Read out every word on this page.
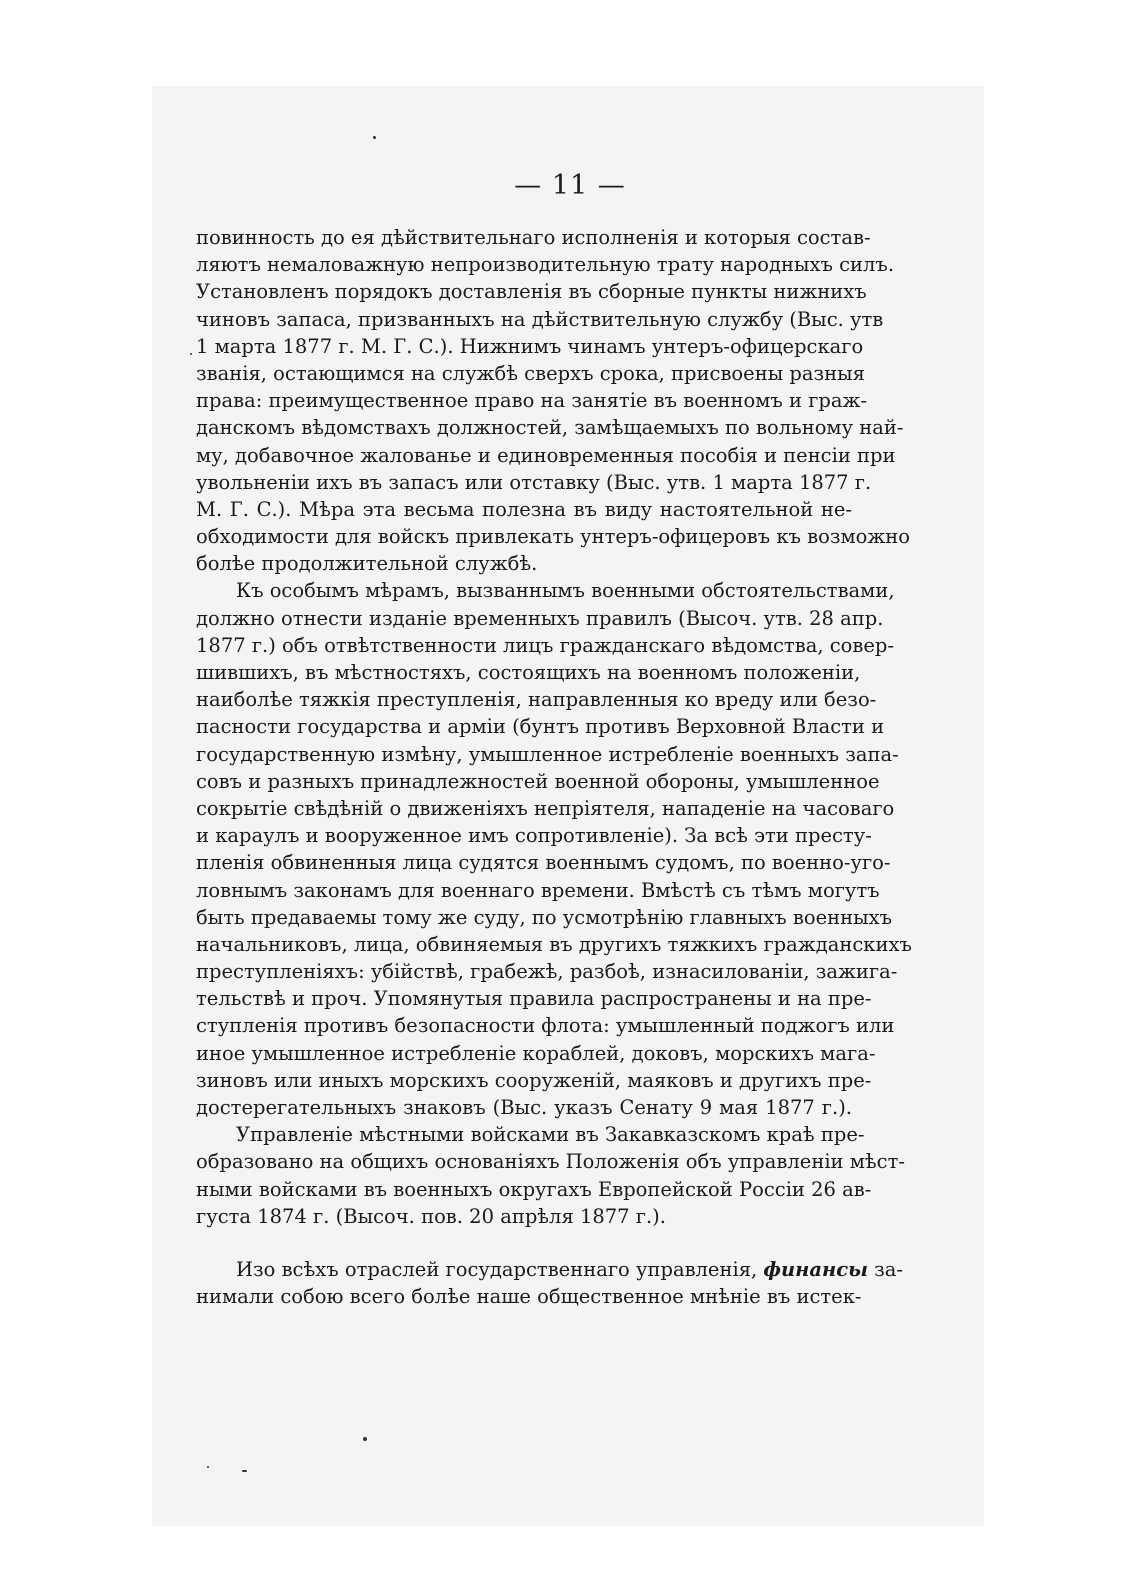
— 11 —
повинность до ея дѣйствительнаго исполненія и которыя состав-
ляютъ немаловажную непроизводительную трату народныхъ силъ.
Установленъ порядокъ доставленія въ сборные пункты нижнихъ
чиновъ запаса, призванныхъ на дѣйствительную службу (Выс. утв
1 марта 1877 г. М. Г. С.). Нижнимъ чинамъ унтеръ-офицерскаго
званія, остающимся на службѣ сверхъ срока, присвоены разныя
права: преимущественное право на занятіе въ военномъ и граж-
данскомъ вѣдомствахъ должностей, замѣщаемыхъ по вольному най-
му, добавочное жалованье и единовременныя пособія и пенсіи при
увольненіи ихъ въ запасъ или отставку (Выс. утв. 1 марта 1877 г.
М. Г. С.). Мѣра эта весьма полезна въ виду настоятельной не-
обходимости для войскъ привлекать унтеръ-офицеровъ къ возможно
болѣе продолжительной службѣ.
Къ особымъ мѣрамъ, вызваннымъ военными обстоятельствами,
должно отнести изданіе временныхъ правилъ (Высоч. утв. 28 апр.
1877 г.) объ отвѣтственности лицъ гражданскаго вѣдомства, совер-
шившихъ, въ мѣстностяхъ, состоящихъ на военномъ положеніи,
наиболѣе тяжкія преступленія, направленныя ко вреду или безо-
пасности государства и арміи (бунтъ противъ Верховной Власти и
государственную измѣну, умышленное истребленіе военныхъ запа-
совъ и разныхъ принадлежностей военной обороны, умышленное
сокрытіе свѣдѣній о движеніяхъ непріятеля, нападеніе на часоваго
и караулъ и вооруженное имъ сопротивленіе). За всѣ эти престу-
пленія обвиненныя лица судятся военнымъ судомъ, по военно-уго-
ловнымъ законамъ для военнаго времени. Вмѣстѣ съ тѣмъ могутъ
быть предаваемы тому же суду, по усмотрѣнію главныхъ военныхъ
начальниковъ, лица, обвиняемыя въ другихъ тяжкихъ гражданскихъ
преступленіяхъ: убійствѣ, грабежѣ, разбоѣ, изнасилованіи, зажига-
тельствѣ и проч. Упомянутыя правила распространены и на пре-
ступленія противъ безопасности флота: умышленный поджогъ или
иное умышленное истребленіе кораблей, доковъ, морскихъ мага-
зиновъ или иныхъ морскихъ сооруженій, маяковъ и другихъ пре-
достерегательныхъ знаковъ (Выс. указъ Сенату 9 мая 1877 г.).
Управленіе мѣстными войсками въ Закавказскомъ краѣ пре-
образовано на общихъ основаніяхъ Положенія объ управленіи мѣст-
ными войсками въ военныхъ округахъ Европейской Россіи 26 ав-
густа 1874 г. (Высоч. пов. 20 апрѣля 1877 г.).
Изо всѣхъ отраслей государственнаго управленія, финансы за-
нимали собою всего болѣе наше общественное мнѣніе въ истек-
